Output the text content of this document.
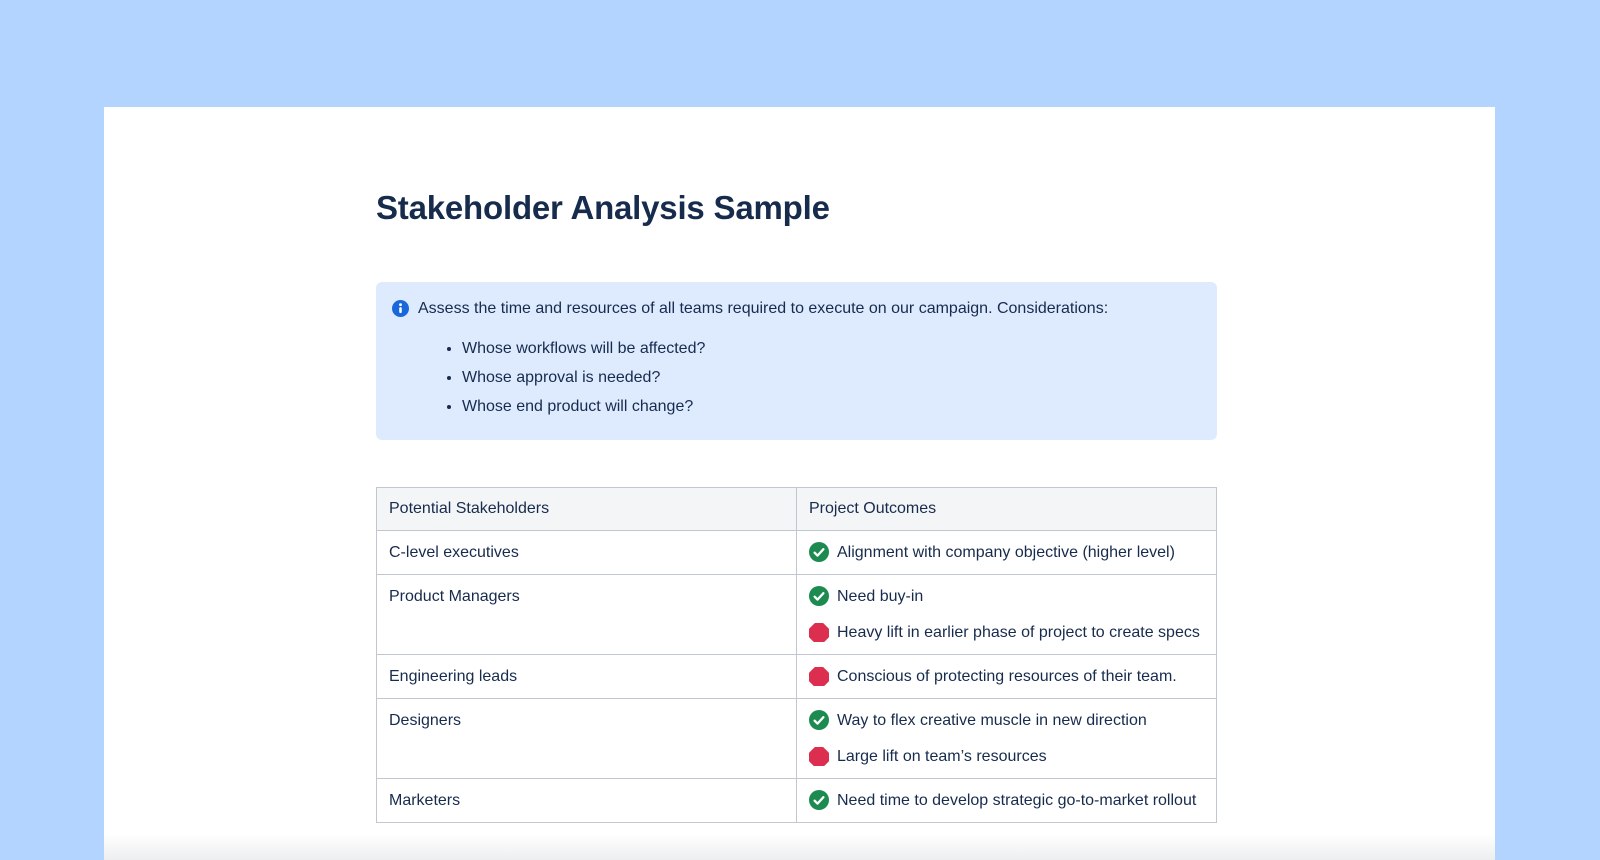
Stakeholder Analysis Sample
Assess the time and resources of all teams required to execute on our campaign. Considerations:
• Whose workflows will be affected?
• Whose approval is needed?
• Whose end product will change?
Potential Stakeholders	Project Outcomes
C-level executives	Alignment with company objective (higher level)

Product Managers	Need buy-in
Heavy lift in earlier phase of project to create specs

Engineering leads	Conscious of protecting resources of their team.

Designers	Way to flex creative muscle in new direction
Large lift on team’s resources

Marketers	Need time to develop strategic go-to-market rollout
